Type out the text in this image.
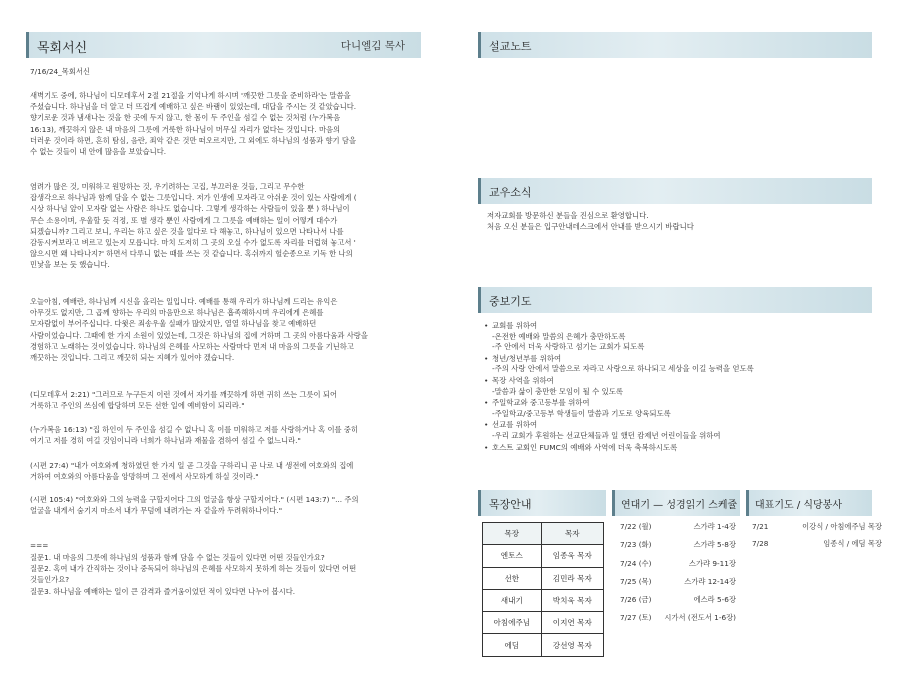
목회서신	다니엘김 목사
7/16/24_목회서신
새벽기도 중에, 하나님이 디모데후서 2절 21절을 기억나게 하시며 '깨끗한 그릇을 준비하라'는 말씀을
주셨습니다. 하나님을 더 알고 더 뜨겁게 예배하고 싶은 바램이 있었는데, 대답을 주시는 것 같았습니다.
향기로운 것과 냄새나는 것을 한 곳에 두지 않고, 한 몸이 두 주인을 섬길 수 없는 것처럼 (누가복음
16:13), 깨끗하지 않은 내 마음의 그릇에 거룩한 하나님이 머무실 자리가 없다는 것입니다. 마음의
더러운 것이라 하면, 흔히 탐심, 음란, 죄악 같은 것만 떠오르지만, 그 외에도 하나님의 성품과 향기 담을
수 없는 것들이 내 안에 많음을 보았습니다.
염려가 많은 것, 미워하고 원망하는 것, 우기려하는 고집, 부끄러운 것들, 그리고 무수한
잡생각으로 하나님과 함께 담을 수 없는 그릇입니다. 저가 인생에 모자라고 아쉬운 것이 있는 사람에게 (
시상 하나님 앞이 모자람 없는 사람은 하나도 없습니다. 그렇게 생각하는 사람들이 있을 뿐 ) 하나님이
무슨 소용이며, 우울할 듯 걱정, 또 별 생각 뿐인 사람에게 그 그릇을 예배하는 일이 어떻게 대수가
되겠습니까? 그리고 보니, 우리는 하고 싶은 것을 일다로 다 해놓고, 하나님이 있으면 나타나서 나를
감동시켜보라고 벼르고 있는지 모릅니다. 마치 도저히 그 곳의 오실 수가 없도록 자리를 더럽혀 놓고서 '
않으시면 왜 나타나지?' 하면서 다루니 없는 때를 쓰는 것 같습니다. 혹쉬까지 헐순종으로 기독 한 나의
민낯을 보는 듯 했습니다.
오늘아침, 예배란, 하나님께 시신을 올리는 일입니다. 예배를 통해 우리가 하나님께 드리는 유익은
아무것도 없지만, 그 곱께 향하는 우리의 마음만으로 하나님은 흡족해하시며 우리에게 은혜를
모자람없이 부어주십니다. 다윗은 죄송우울 실패가 많았지만, 열열 하나님을 찾고 예배하던
사람이었습니다. 그때에 한 가지 소원이 있었는데, 그것은 하나님의 집에 거하며 그 곳의 아름다움과 사랑을
경험하고 노래하는 것이었습니다. 하나님의 은혜를 사모하는 사람마다 먼저 내 마음의 그릇을 기닌하고
깨끗하는 것입니다. 그리고 깨끗히 되는 지혜가 있어야 겠습니다.
(디모데후서 2:21) "그러므로 누구든지 이런 것에서 자기를 깨끗하게 하면 귀히 쓰는 그릇이 되어
거룩하고 주인의 쓰심에 합당하며 모든 선한 일에 예비함이 되리라."
(누가복음 16:13) "집 하인이 두 주인을 섬길 수 없나니 혹 이를 미워하고 저를 사랑하거나 혹 이를 중히
여기고 저를 경히 여길 것임이니라 너희가 하나님과 재물을 겸하여 섬길 수 없느니라."
(시편 27:4) "내가 여호와께 청하였던 한 가지 일 곧 그것을 구하리니 곧 나로 내 생전에 여호와의 집에
거하여 여호와의 아름다움을 앙망하며 그 전에서 사모하게 하실 것이라."
(시편 105:4) "여호와와 그의 능력을 구할지어다 그의 얼굴을 항상 구할지어다." (시편 143:7) "... 주의
얼굴을 내게서 숨기지 마소서 내가 무덤에 내려가는 자 같을까 두려워하나이다."
===
질문1. 내 마음의 그릇에 하나님의 성품과 함께 담을 수 없는 것들이 있다면 어떤 것들인가요?
질문2. 혹여 내가 간직하는 것이나 중독되어 하나님의 은혜를 사모하지 못하게 하는 것들이 있다면 어떤
것들인가요?
질문3. 하나님을 예배하는 일이 큰 감격과 즐거움이었던 적이 있다면 나누어 봅시다.
설교노트
교우소식
저자교회를 방문하신 분들을 진심으로 환영합니다.
처음 오신 분들은 입구안내데스크에서 안내를 받으시기 바랍니다
중보기도
• 교회를 위하여
-온전한 예배와 말씀의 은혜가 충만하도록
-주 안에서 더욱 사랑하고 섬기는 교회가 되도록
• 청년/청년부를 위하여
-주의 사랑 안에서 말씀으로 자라고 사랑으로 하나되고 세상을 이길 능력을 얻도록
• 목장 사역을 위하여
-말씀과 삶이 충만한 모임이 될 수 있도록
• 주일학교와 중고등부를 위하여
-주일학교/중고등부 학생들이 말씀과 기도로 양육되도록
• 선교를 위하여
-우리 교회가 후원하는 선교단체들과 일 했던 캄제년 어린이들을 위하여
• 호스트 교회인 FUMC의 예배와 사역에 더욱 축복하시도록
목장안내	연대기 — 성경읽기 스케쥴 대표기도 / 식당봉사
목장	목자
엔토스	임종욱 목자
선한	김민라 목자
새내기	박치욱 목자
아침에주님	이지연 목자
에딤	강선영 목자
7/22 (월)	스가랴 1-4장
7/23 (화)	스가랴 5-8장
7/24 (수)	스가랴 9-11장
7/25 (목)	스가랴 12-14장
7/26 (금)	에스라 5-6장
7/27 (토)	시가서 (전도서 1-6장)
7/21	이강식 / 아침에주님 목장
7/28	임종식 / 에딤 목장
